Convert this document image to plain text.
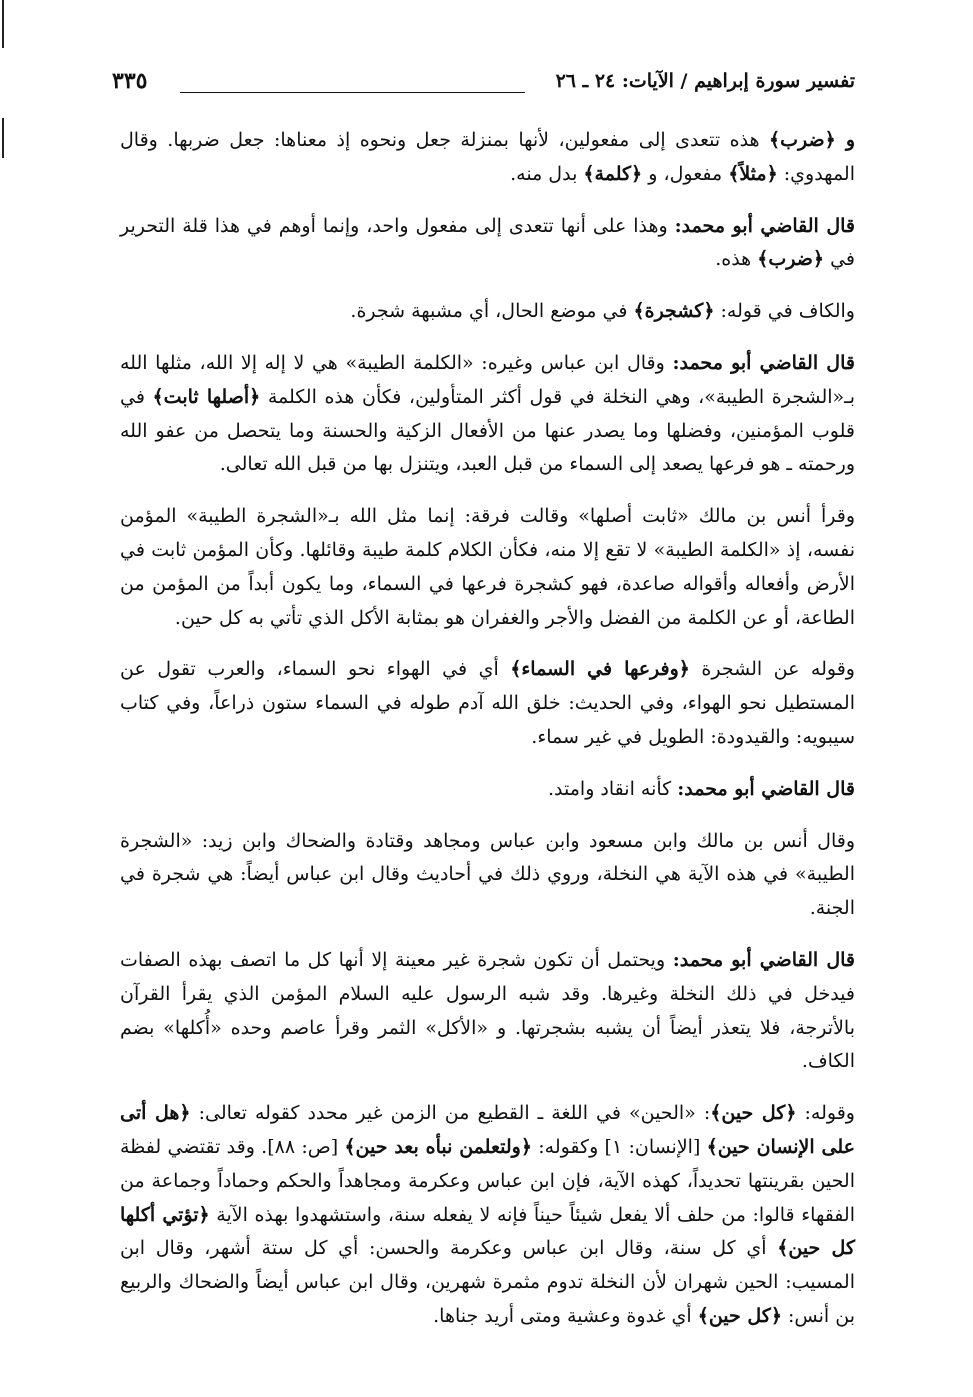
تفسير سورة إبراهيم / الآيات: ٢٤ ـ ٢٦
٣٣٥

و ﴿ضرب﴾ هذه تتعدى إلى مفعولين، لأنها بمنزلة جعل ونحوه إذ معناها: جعل ضربها. وقال المهدوي: ﴿مثلاً﴾ مفعول، و ﴿كلمة﴾ بدل منه.

قال القاضي أبو محمد: وهذا على أنها تتعدى إلى مفعول واحد، وإنما أوهم في هذا قلة التحرير في ﴿ضرب﴾ هذه.

والكاف في قوله: ﴿كشجرة﴾ في موضع الحال، أي مشبهة شجرة.

قال القاضي أبو محمد: وقال ابن عباس وغيره: «الكلمة الطيبة» هي لا إله إلا الله، مثلها الله بـ«الشجرة الطيبة»، وهي النخلة في قول أكثر المتأولين، فكأن هذه الكلمة ﴿أصلها ثابت﴾ في قلوب المؤمنين، وفضلها وما يصدر عنها من الأفعال الزكية والحسنة وما يتحصل من عفو الله ورحمته ـ هو فرعها يصعد إلى السماء من قبل العبد، ويتنزل بها من قبل الله تعالى.

وقرأ أنس بن مالك «ثابت أصلها» وقالت فرقة: إنما مثل الله بـ«الشجرة الطيبة» المؤمن نفسه، إذ «الكلمة الطيبة» لا تقع إلا منه، فكأن الكلام كلمة طيبة وقائلها. وكأن المؤمن ثابت في الأرض وأفعاله وأقواله صاعدة، فهو كشجرة فرعها في السماء، وما يكون أبداً من المؤمن من الطاعة، أو عن الكلمة من الفضل والأجر والغفران هو بمثابة الأكل الذي تأتي به كل حين.

وقوله عن الشجرة ﴿وفرعها في السماء﴾ أي في الهواء نحو السماء، والعرب تقول عن المستطيل نحو الهواء، وفي الحديث: خلق الله آدم طوله في السماء ستون ذراعاً، وفي كتاب سيبويه: والقيدودة: الطويل في غير سماء.

قال القاضي أبو محمد: كأنه انقاد وامتد.

وقال أنس بن مالك وابن مسعود وابن عباس ومجاهد وقتادة والضحاك وابن زيد: «الشجرة الطيبة» في هذه الآية هي النخلة، وروي ذلك في أحاديث وقال ابن عباس أيضاً: هي شجرة في الجنة.

قال القاضي أبو محمد: ويحتمل أن تكون شجرة غير معينة إلا أنها كل ما اتصف بهذه الصفات فيدخل في ذلك النخلة وغيرها. وقد شبه الرسول عليه السلام المؤمن الذي يقرأ القرآن بالأترجة، فلا يتعذر أيضاً أن يشبه بشجرتها. و «الأكل» الثمر وقرأ عاصم وحده «أُكلها» بضم الكاف.

وقوله: ﴿كل حين﴾: «الحين» في اللغة ـ القطيع من الزمن غير محدد كقوله تعالى: ﴿هل أتى على الإنسان حين﴾ [الإنسان: ١] وكقوله: ﴿ولتعلمن نبأه بعد حين﴾ [ص: ٨٨]. وقد تقتضي لفظة الحين بقرينتها تحديداً، كهذه الآية، فإن ابن عباس وعكرمة ومجاهداً والحكم وحماداً وجماعة من الفقهاء قالوا: من حلف ألا يفعل شيئاً حيناً فإنه لا يفعله سنة، واستشهدوا بهذه الآية ﴿تؤتي أكلها كل حين﴾ أي كل سنة، وقال ابن عباس وعكرمة والحسن: أي كل ستة أشهر، وقال ابن المسيب: الحين شهران لأن النخلة تدوم مثمرة شهرين، وقال ابن عباس أيضاً والضحاك والربيع بن أنس: ﴿كل حين﴾ أي غدوة وعشية ومتى أريد جناها.
